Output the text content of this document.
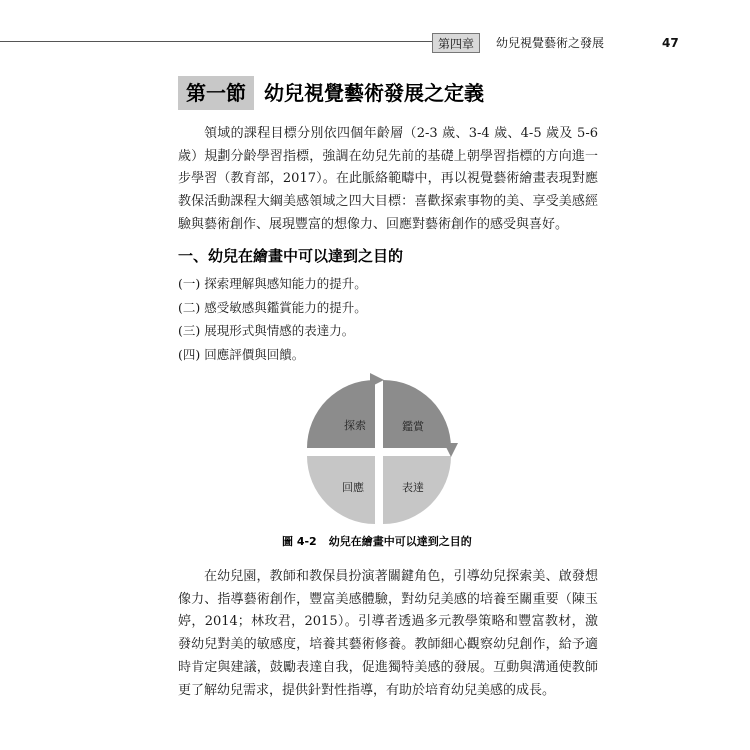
第四章	幼兒視覺藝術之發展	47
第一節 幼兒視覺藝術發展之定義

領域的課程目標分別依四個年齡層（2-3 歲、3-4 歲、4-5 歲及 5-6 歲）規劃分齡學習指標，強調在幼兒先前的基礎上朝學習指標的方向進一步學習（教育部，2017）。在此脈絡範疇中，再以視覺藝術繪畫表現對應教保活動課程大綱美感領域之四大目標：喜歡探索事物的美、享受美感經驗與藝術創作、展現豐富的想像力、回應對藝術創作的感受與喜好。

一、幼兒在繪畫中可以達到之目的
(一) 探索理解與感知能力的提升。
(二) 感受敏感與鑑賞能力的提升。
(三) 展現形式與情感的表達力。
(四) 回應評價與回饋。
探索	鑑賞
回應	表達
圖 4-2 幼兒在繪畫中可以達到之目的

在幼兒園，教師和教保員扮演著關鍵角色，引導幼兒探索美、啟發想像力、指導藝術創作，豐富美感體驗，對幼兒美感的培養至關重要（陳玉婷，2014；林玫君，2015）。引導者透過多元教學策略和豐富教材，激發幼兒對美的敏感度，培養其藝術修養。教師細心觀察幼兒創作，給予適時肯定與建議，鼓勵表達自我，促進獨特美感的發展。互動與溝通使教師更了解幼兒需求，提供針對性指導，有助於培育幼兒美感的成長。
